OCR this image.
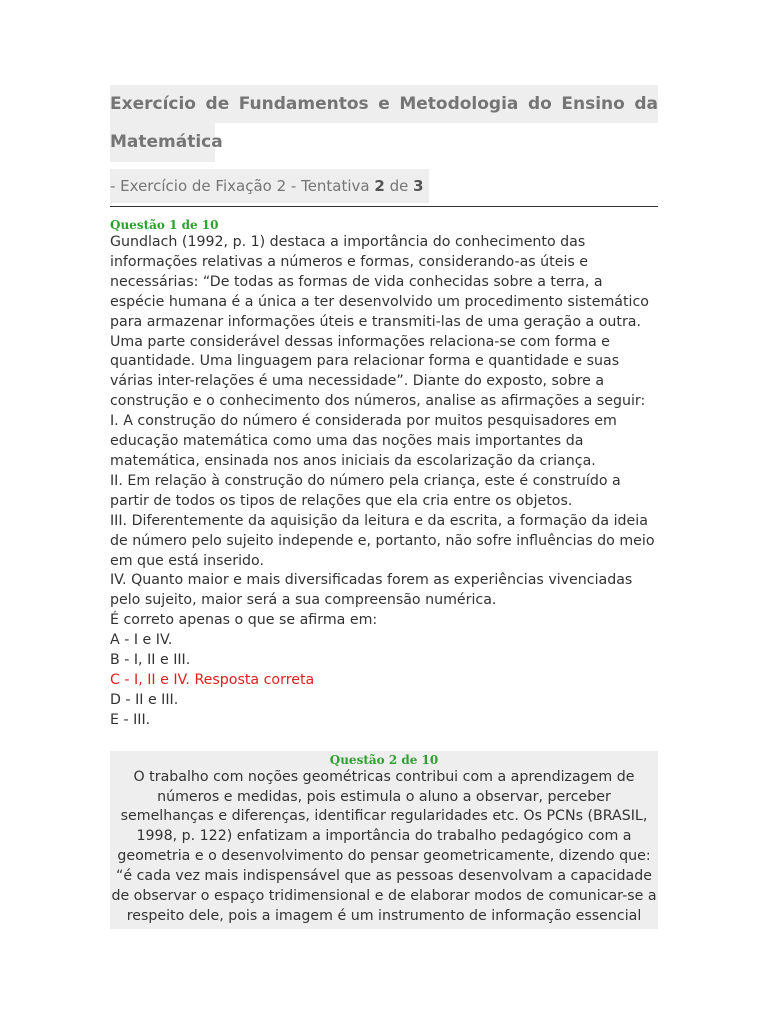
Exercício de Fundamentos e Metodologia do Ensino da
Matemática
- Exercício de Fixação 2 - Tentativa 2 de 3
Questão 1 de 10

Gundlach (1992, p. 1) destaca a importância do conhecimento das informações relativas a números e formas, considerando-as úteis e necessárias: “De todas as formas de vida conhecidas sobre a terra, a espécie humana é a única a ter desenvolvido um procedimento sistemático para armazenar informações úteis e transmiti-las de uma geração a outra. Uma parte considerável dessas informações relaciona-se com forma e quantidade. Uma linguagem para relacionar forma e quantidade e suas várias inter-relações é uma necessidade”. Diante do exposto, sobre a construção e o conhecimento dos números, analise as afirmações a seguir:

I. A construção do número é considerada por muitos pesquisadores em educação matemática como uma das noções mais importantes da matemática, ensinada nos anos iniciais da escolarização da criança.

II. Em relação à construção do número pela criança, este é construído a partir de todos os tipos de relações que ela cria entre os objetos.

III. Diferentemente da aquisição da leitura e da escrita, a formação da ideia de número pelo sujeito independe e, portanto, não sofre influências do meio em que está inserido.

IV. Quanto maior e mais diversificadas forem as experiências vivenciadas pelo sujeito, maior será a sua compreensão numérica.

É correto apenas o que se afirma em:

A - I e IV.

B - I, II e III.

C - I, II e IV. Resposta correta

D - II e III.

E - III.

Questão 2 de 10

O trabalho com noções geométricas contribui com a aprendizagem de números e medidas, pois estimula o aluno a observar, perceber semelhanças e diferenças, identificar regularidades etc. Os PCNs (BRASIL, 1998, p. 122) enfatizam a importância do trabalho pedagógico com a geometria e o desenvolvimento do pensar geometricamente, dizendo que: “é cada vez mais indispensável que as pessoas desenvolvam a capacidade de observar o espaço tridimensional e de elaborar modos de comunicar-se a respeito dele, pois a imagem é um instrumento de informação essencial
